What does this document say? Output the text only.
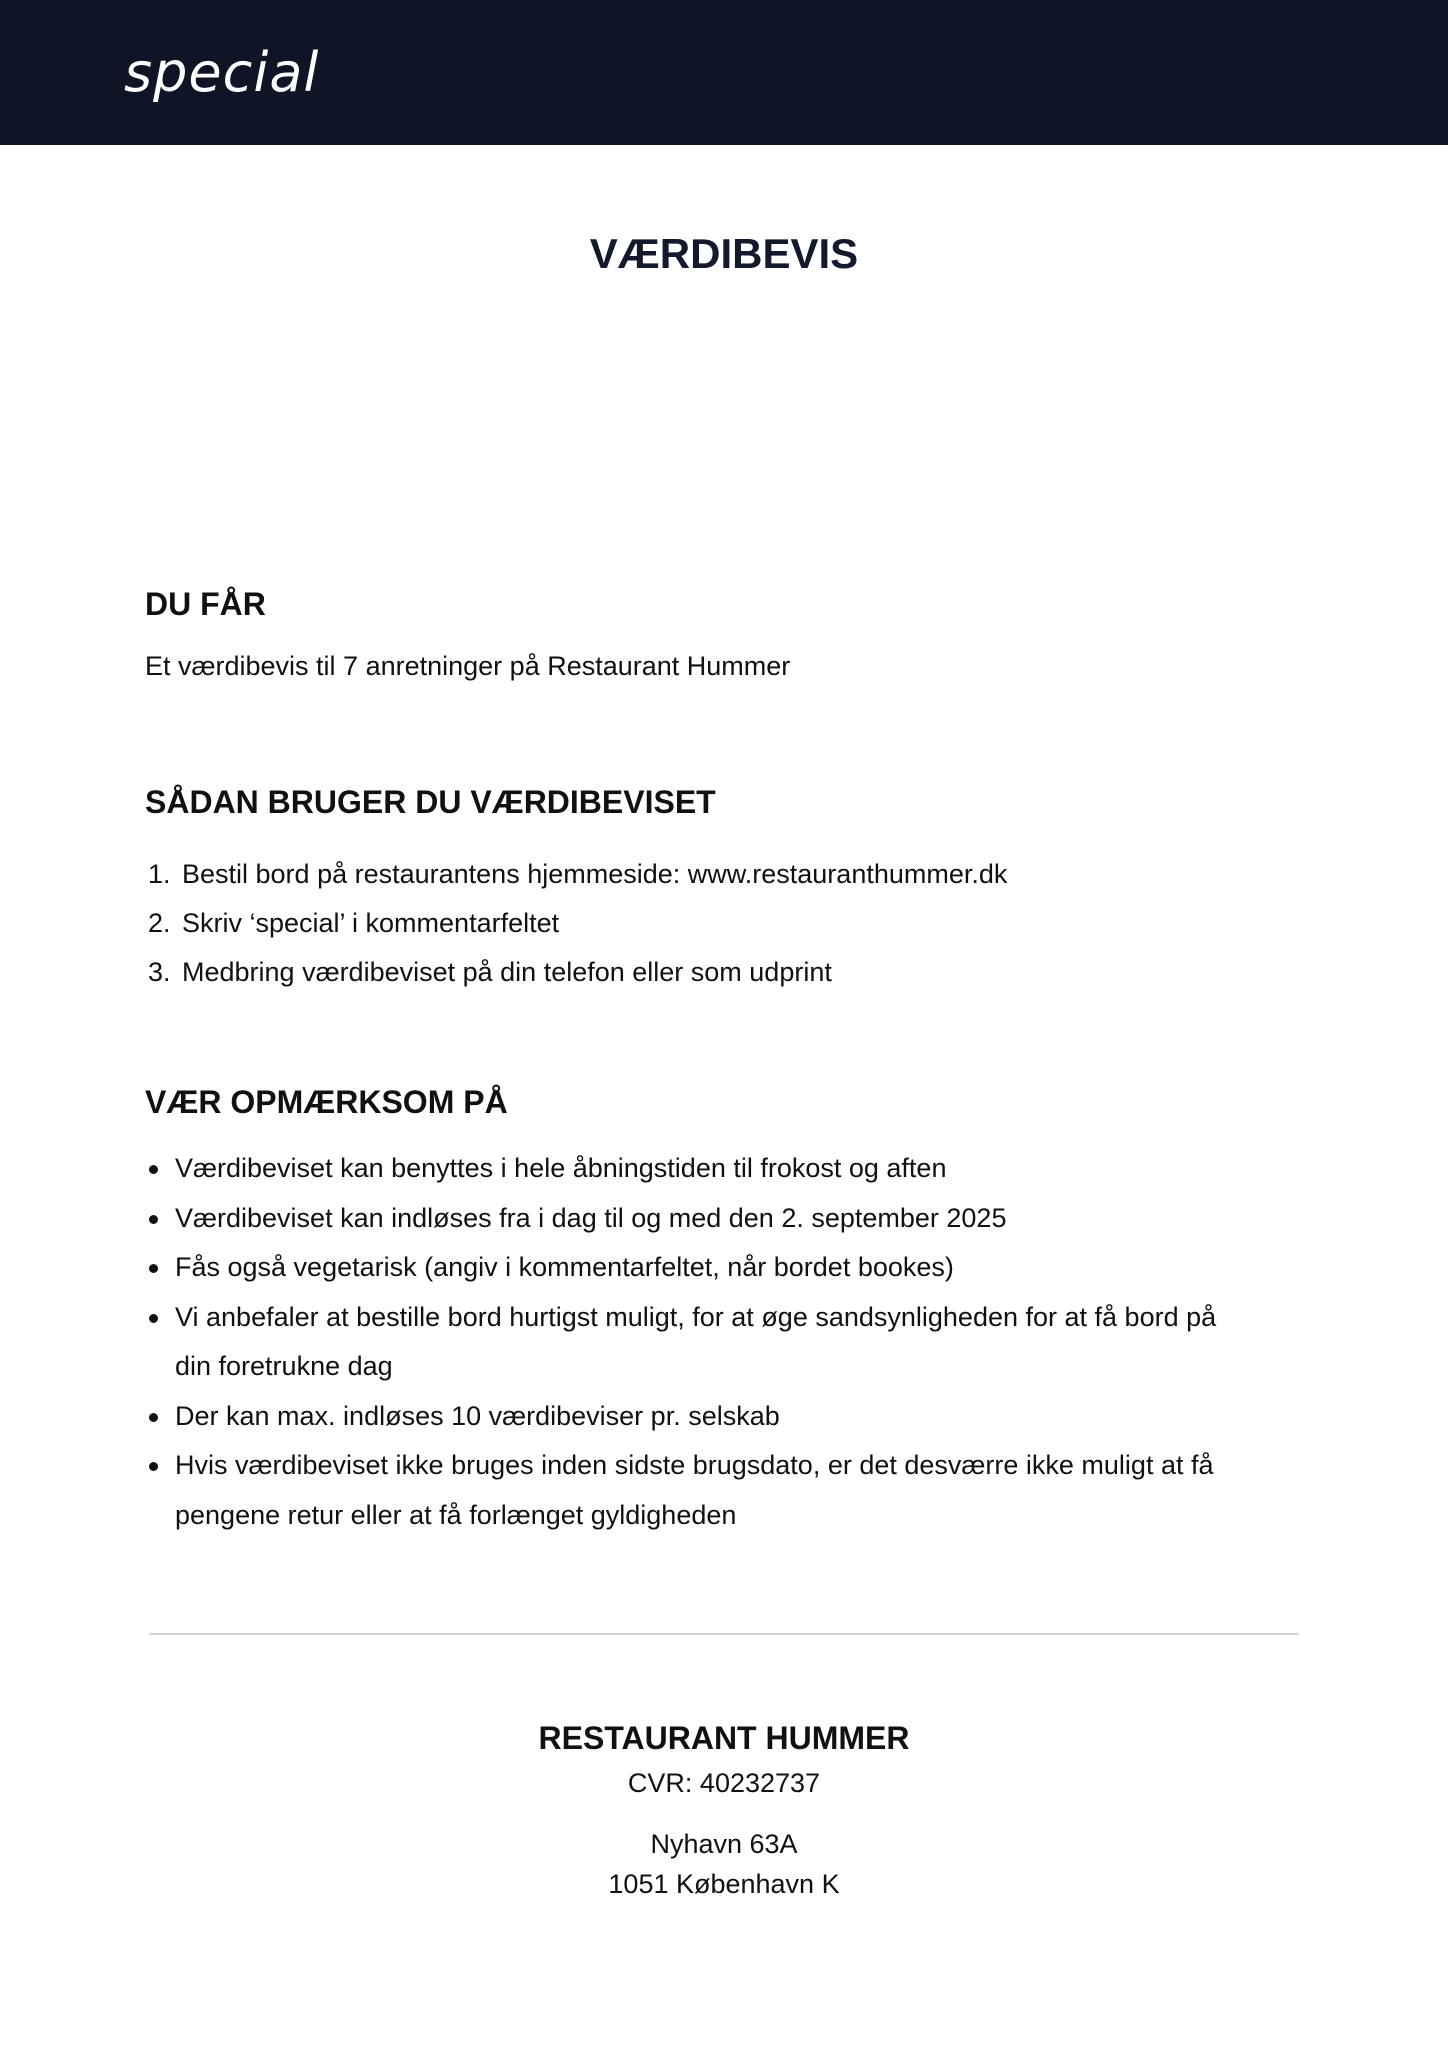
special
VÆRDIBEVIS
DU FÅR

Et værdibevis til 7 anretninger på Restaurant Hummer

SÅDAN BRUGER DU VÆRDIBEVISET
1. Bestil bord på restaurantens hjemmeside: www.restauranthummer.dk
2. Skriv ‘special’ i kommentarfeltet
3. Medbring værdibeviset på din telefon eller som udprint
VÆR OPMÆRKSOM PÅ
Værdibeviset kan benyttes i hele åbningstiden til frokost og aften
Værdibeviset kan indløses fra i dag til og med den 2. september 2025
Fås også vegetarisk (angiv i kommentarfeltet, når bordet bookes)
Vi anbefaler at bestille bord hurtigst muligt, for at øge sandsynligheden for at få bord på din foretrukne dag
Der kan max. indløses 10 værdibeviser pr. selskab
Hvis værdibeviset ikke bruges inden sidste brugsdato, er det desværre ikke muligt at få pengene retur eller at få forlænget gyldigheden
RESTAURANT HUMMER
CVR: 40232737
Nyhavn 63A
1051 København K
